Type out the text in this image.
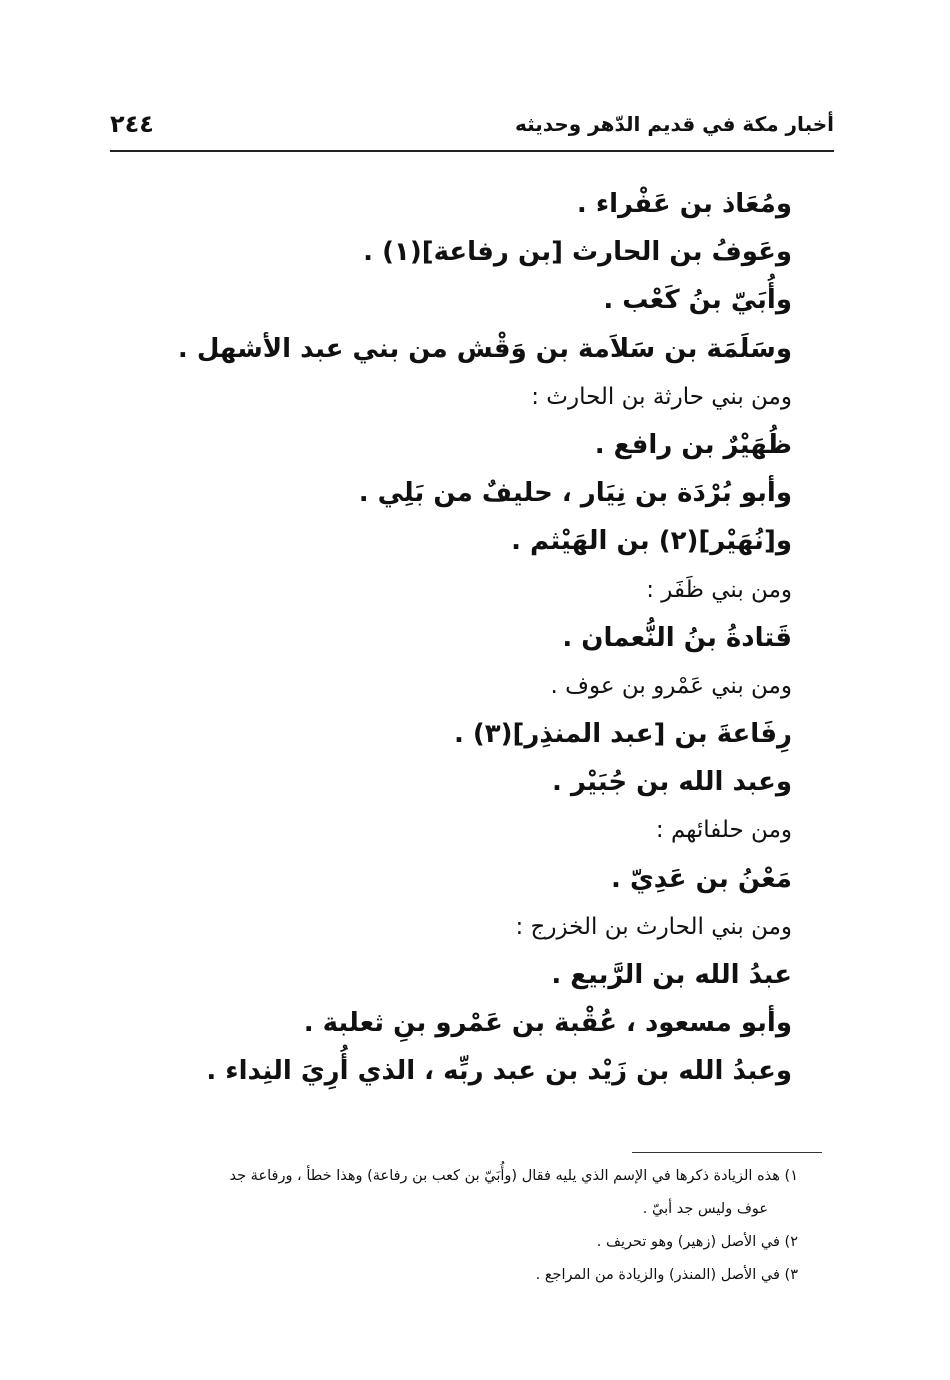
أخبار مكة في قديم الدّهر وحديثه
٢٤٤
ومُعَاذ بن عَفْراء .
وعَوفُ بن الحارث [بن رفاعة](١) .
وأُبَيّ بنُ كَعْب .
وسَلَمَة بن سَلاَمة بن وَقْش من بني عبد الأشهل .
ومن بني حارثة بن الحارث :
ظُهَيْرٌ بن رافع .
وأبو بُرْدَة بن نِيَار ، حليفٌ من بَلِي .
و[نُهَيْر](٢) بن الهَيْثم .
ومن بني ظَفَر :
قَتادةُ بنُ النُّعمان .
ومن بني عَمْرو بن عوف .
رِفَاعةَ بن [عبد المنذِر](٣) .
وعبد الله بن جُبَيْر .
ومن حلفائهم :
مَعْنُ بن عَدِيّ .
ومن بني الحارث بن الخزرج :
عبدُ الله بن الرَّبيع .
وأبو مسعود ، عُقْبة بن عَمْرو بنِ ثعلبة .
وعبدُ الله بن زَيْد بن عبد ربِّه ، الذي أُرِيَ النِداء .
١) هذه الزيادة ذكرها في الإسم الذي يليه فقال (وأُبَيّ بن كعب بن رفاعة) وهذا خطأ ، ورفاعة جد
عوف وليس جد أبيّ .
٢) في الأصل (زهير) وهو تحريف .
٣) في الأصل (المنذر) والزيادة من المراجع .
